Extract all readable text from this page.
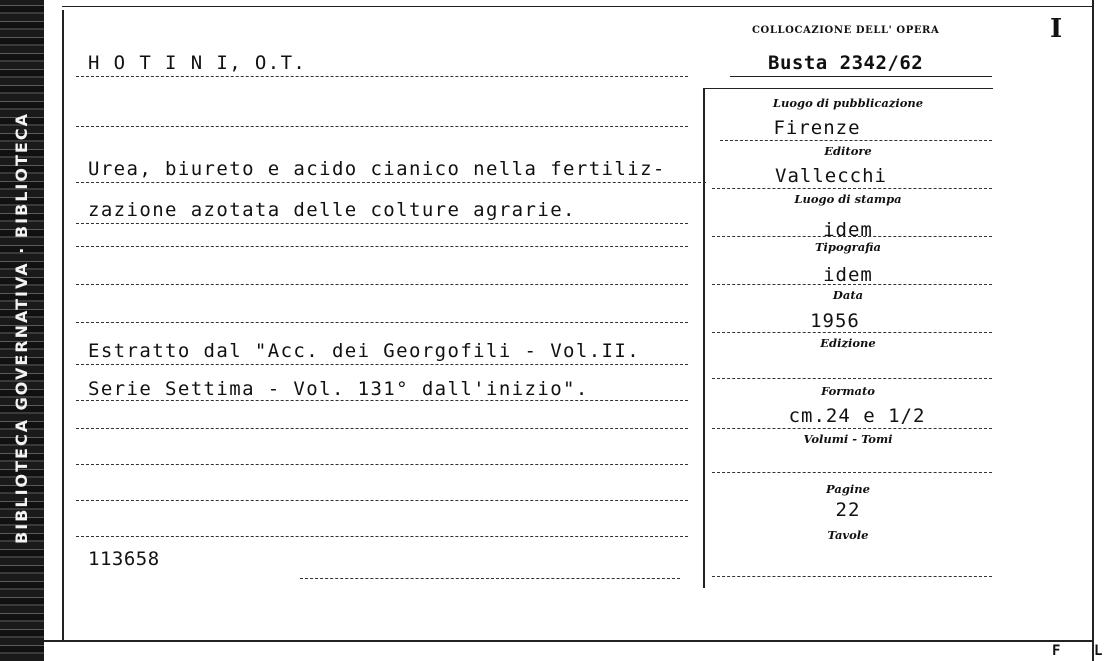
BIBLIOTECA GOVERNATIVA · BIBLIOTECA
I
H O T I N I, O.T.
Urea, biureto e acido cianico nella fertiliz-
zazione azotata delle colture agrarie.
Estratto dal "Acc. dei Georgofili - Vol.II.
Serie Settima - Vol. 131° dall'inizio".
113658
COLLOCAZIONE DELL' OPERA
Busta 2342/62
Luogo di pubblicazione
Firenze
Editore
Vallecchi
Luogo di stampa
idem
Tipografia
idem
Data
1956
Edizione
Formato
cm.24 e 1/2
Volumi - Tomi
Pagine
22
Tavole
F L
